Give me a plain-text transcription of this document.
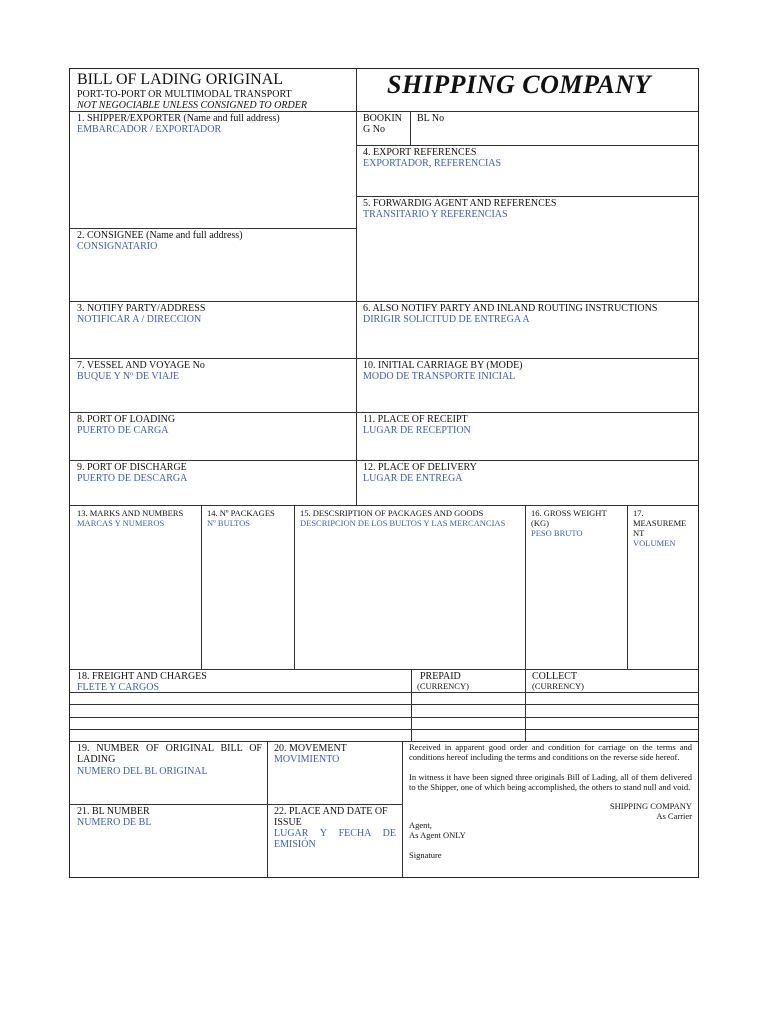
BILL OF LADING ORIGINAL
PORT-TO-PORT OR MULTIMODAL TRANSPORT
NOT NEGOCIABLE UNLESS CONSIGNED TO ORDER
SHIPPING COMPANY
1. SHIPPER/EXPORTER (Name and full address)
EMBARCADOR / EXPORTADOR
BOOKIN
G No
BL No
4. EXPORT REFERENCES
EXPORTADOR, REFERENCIAS
5. FORWARDIG AGENT AND REFERENCES
TRANSITARIO Y REFERENCIAS
2. CONSIGNEE (Name and full address)
CONSIGNATARIO
3. NOTIFY PARTY/ADDRESS
NOTIFICAR A / DIRECCION
6. ALSO NOTIFY PARTY AND INLAND ROUTING INSTRUCTIONS
DIRIGIR SOLICITUD DE ENTREGA A
7. VESSEL AND VOYAGE No
BUQUE Y Nº DE VIAJE
10. INITIAL CARRIAGE BY (MODE)
MODO DE TRANSPORTE INICIAL
8. PORT OF LOADING
PUERTO DE CARGA
11. PLACE OF RECEIPT
LUGAR DE RECEPTION
9. PORT OF DISCHARGE
PUERTO DE DESCARGA
12. PLACE OF DELIVERY
LUGAR DE ENTREGA
13. MARKS AND NUMBERS
MARCAS Y NUMEROS
14. Nº PACKAGES
Nº BULTOS
15. DESCSRIPTION OF PACKAGES AND GOODS
DESCRIPCION DE LOS BULTOS Y LAS MERCANCIAS
16. GROSS WEIGHT
(KG)
PESO BRUTO
17.
MEASUREME
NT
VOLUMEN
18. FREIGHT AND CHARGES
FLETE Y CARGOS
PREPAID
(CURRENCY)
COLLECT
(CURRENCY)
19. NUMBER OF ORIGINAL BILL OF LADING
NUMERO DEL BL ORIGINAL
20. MOVEMENT
MOVIMIENTO
21. BL NUMBER
NUMERO DE BL
22. PLACE AND DATE OF ISSUE
LUGAR Y FECHA DE EMISIÓN
Received in apparent good order and condition for carriage on the terms and conditions hereof including the terms and conditions on the reverse side hereof.
In witness it have been signed three originals Bill of Lading, all of them delivered to the Shipper, one of which being accomplished, the others to stand null and void.
SHIPPING COMPANY
As Carrier
Agent,
As Agent ONLY
Signature
